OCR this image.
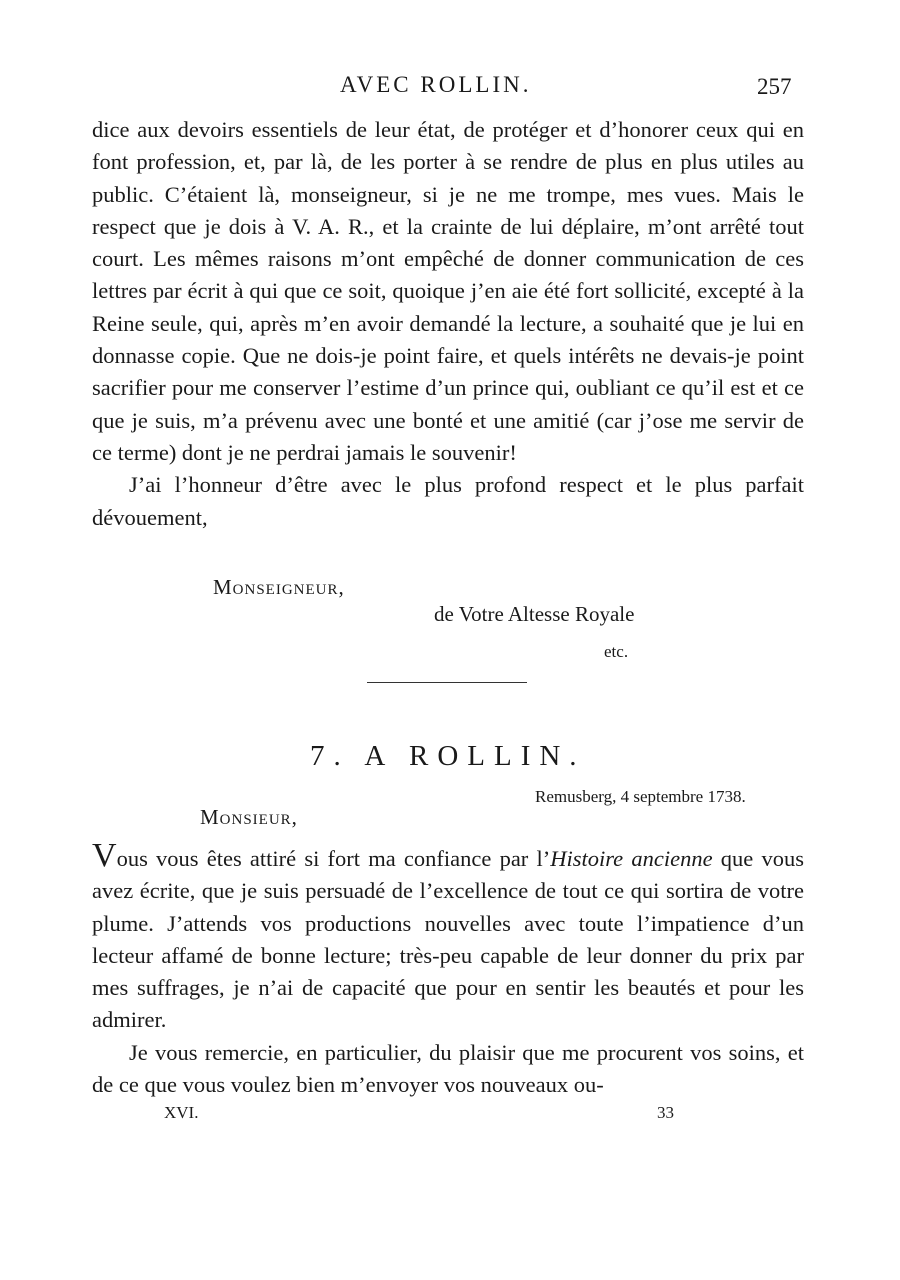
AVEC ROLLIN.	257

dice aux devoirs essentiels de leur état, de protéger et d’honorer ceux qui en font profession, et, par là, de les porter à se rendre de plus en plus utiles au public. C’étaient là, monseigneur, si je ne me trompe, mes vues. Mais le respect que je dois à V. A. R., et la crainte de lui déplaire, m’ont arrêté tout court. Les mêmes raisons m’ont empêché de donner communication de ces lettres par écrit à qui que ce soit, quoique j’en aie été fort sollicité, excepté à la Reine seule, qui, après m’en avoir demandé la lecture, a souhaité que je lui en donnasse copie. Que ne dois-je point faire, et quels intérêts ne devais-je point sacrifier pour me conserver l’estime d’un prince qui, oubliant ce qu’il est et ce que je suis, m’a prévenu avec une bonté et une amitié (car j’ose me servir de ce terme) dont je ne perdrai jamais le souvenir!

J’ai l’honneur d’être avec le plus profond respect et le plus parfait dévouement,

Monseigneur,
de Votre Altesse Royale
etc.
7. A ROLLIN.
Remusberg, 4 septembre 1738.
Monsieur,

Vous vous êtes attiré si fort ma confiance par l’Histoire ancienne que vous avez écrite, que je suis persuadé de l’excellence de tout ce qui sortira de votre plume. J’attends vos productions nouvelles avec toute l’impatience d’un lecteur affamé de bonne lecture; très-peu capable de leur donner du prix par mes suffrages, je n’ai de capacité que pour en sentir les beautés et pour les admirer.

Je vous remercie, en particulier, du plaisir que me procurent vos soins, et de ce que vous voulez bien m’envoyer vos nouveaux ou-

XVI.	33
